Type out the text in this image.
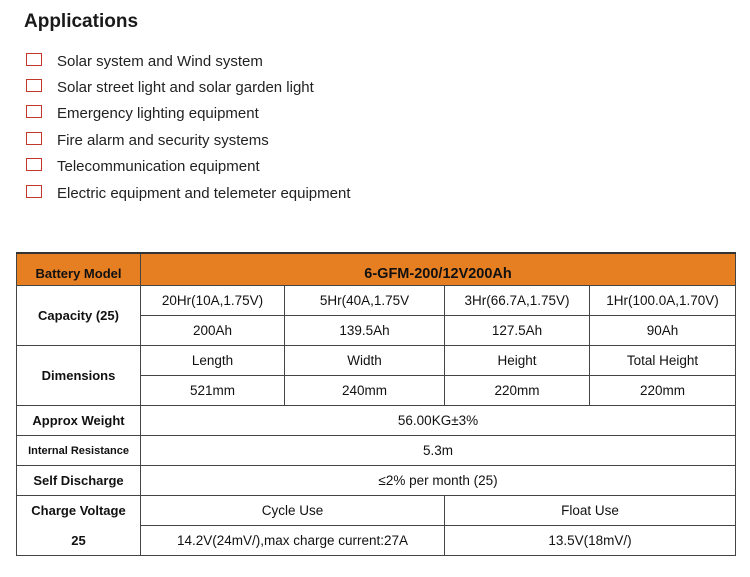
Applications
Solar system and Wind system
Solar street light and solar garden light
Emergency lighting equipment
Fire alarm and security systems
Telecommunication equipment
Electric equipment and telemeter equipment
Battery Model	6-GFM-200/12V200Ah			
Capacity (25)	20Hr(10A,1.75V)	5Hr(40A,1.75V	3Hr(66.7A,1.75V)	1Hr(100.0A,1.70V)
	200Ah	139.5Ah	127.5Ah	90Ah
Dimensions	Length	Width	Height	Total Height
	521mm	240mm	220mm	220mm
Approx Weight	56.00KG±3%			
Internal Resistance	5.3m			
Self Discharge	≤2% per month (25)			
Charge Voltage	Cycle Use		Float Use	
25	14.2V(24mV/),max charge current:27A		13.5V(18mV/)	
